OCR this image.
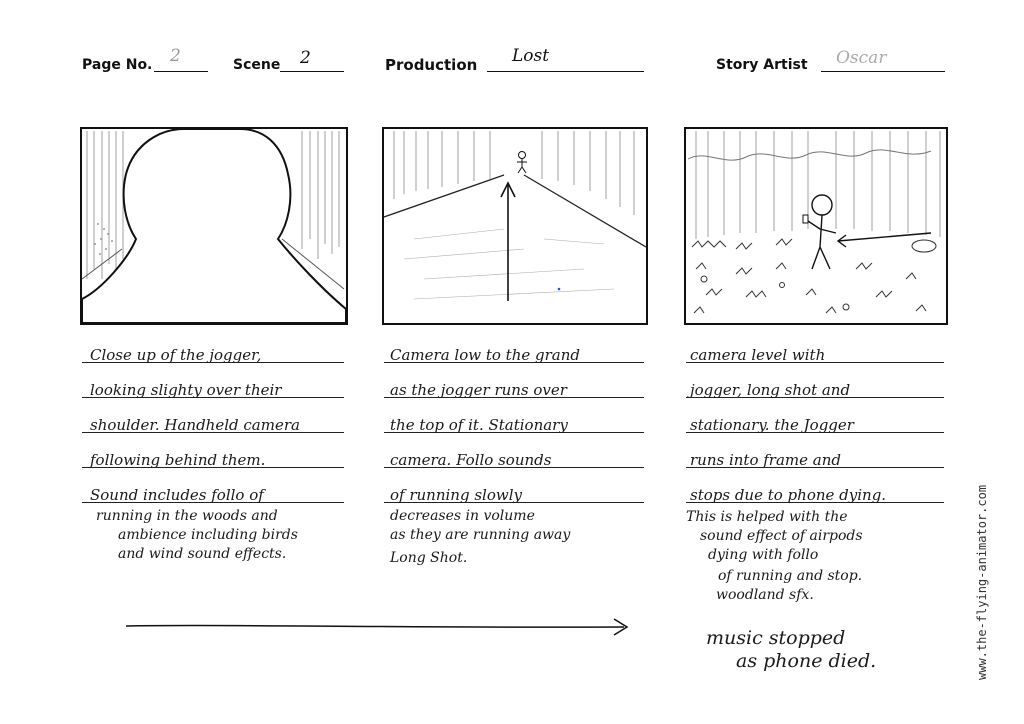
Page No. 2	Scene 2	Production Lost	Story Artist Oscar
Close up of the jogger,
looking slighty over their
shoulder. Handheld camera
following behind them.
Sound includes follo of
running in the woods and
ambience including birds
and wind sound effects.
Camera low to the grand
as the jogger runs over
the top of it. Stationary
camera. Follo sounds
of running slowly
decreases in volume
as they are running away
Long Shot.
camera level with
jogger, long shot and
stationary. the Jogger
runs into frame and
stops due to phone dying.
This is helped with the
sound effect of airpods
dying with follo
of running and stop.
woodland sfx.
music stopped
as phone died.	www.the-flying-animator.com
